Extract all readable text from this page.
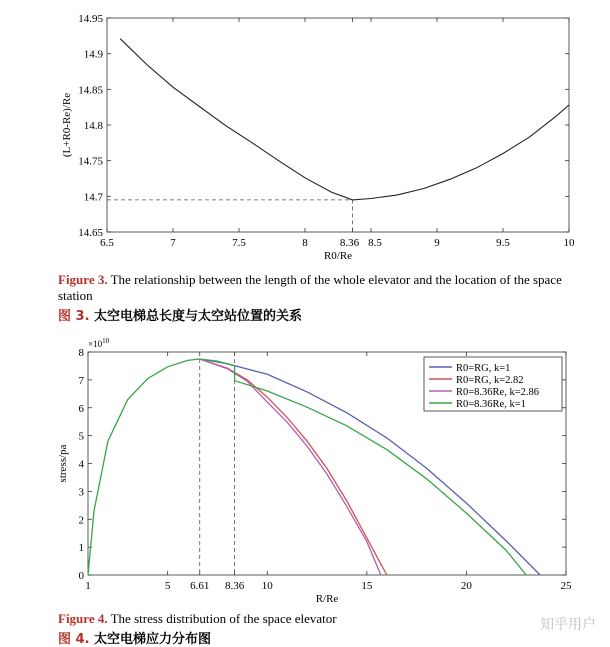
6.5	7	7.5	8	8.36 8.5	9	9.5	10
14.65
14.7
14.75
14.8
14.85
14.9
14.95
R0/Re
(L+R0-Re)/Re
Figure 3. The relationship between the length of the whole elevator and the location of the space station
图 3. 太空电梯总长度与太空站位置的关系
1	5 6.61 8.36 10	15	20	25
0
1
2
3
4
5
6
7
8
$\times 10^{10}$
R/Re
stress/pa
R0=RG, k=1
R0=RG, k=2.82
R0=8.36Re, k=2.86
R0=8.36Re, k=1
Figure 4. The stress distribution of the space elevator
图 4. 太空电梯应力分布图
知乎用户
